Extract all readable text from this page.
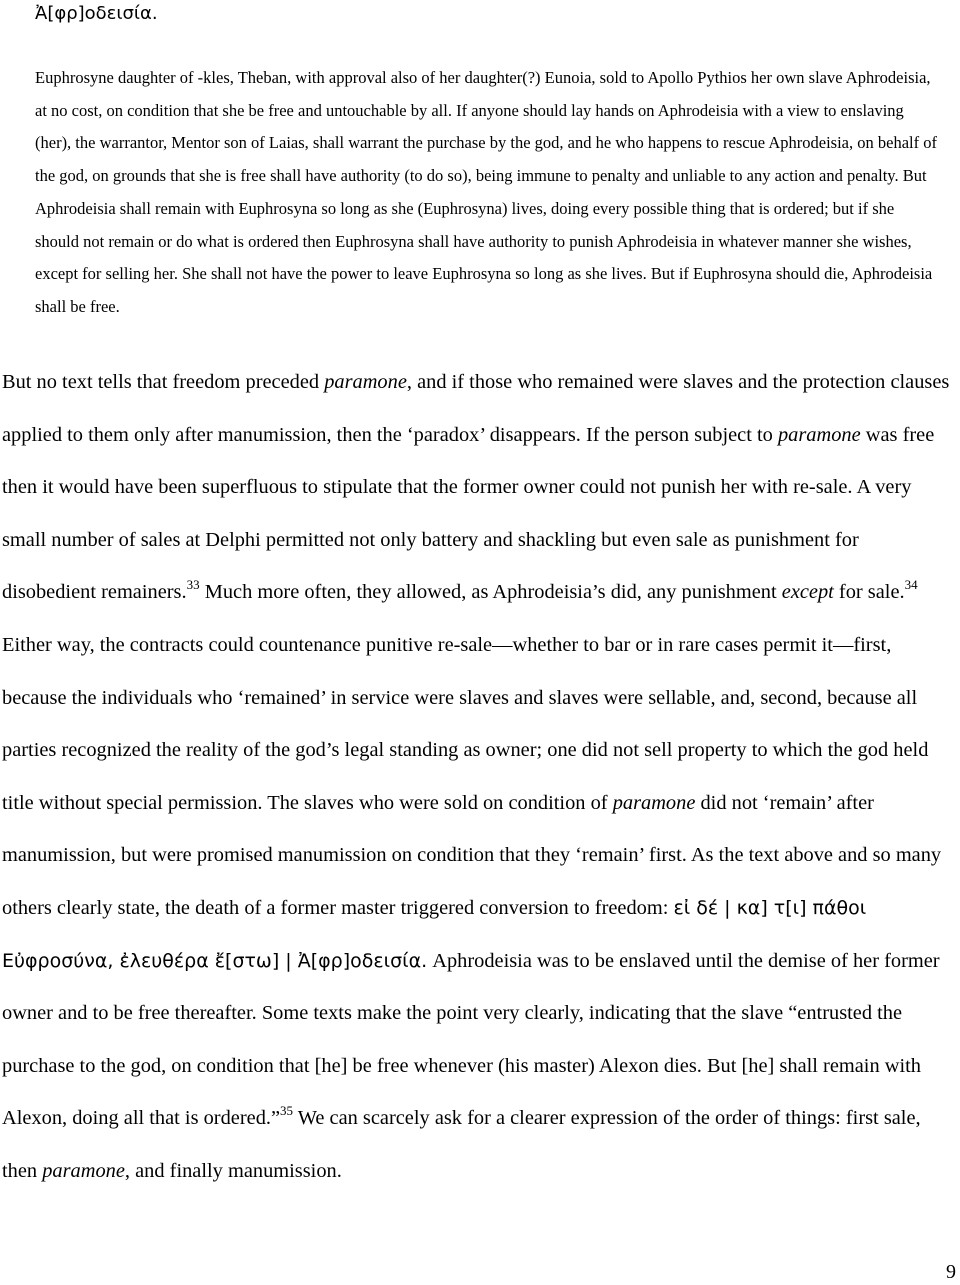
Ἀ[φρ]οδεισία.

Euphrosyne daughter of -kles, Theban, with approval also of her daughter(?) Eunoia, sold to Apollo Pythios her own slave Aphrodeisia, at no cost, on condition that she be free and untouchable by all. If anyone should lay hands on Aphrodeisia with a view to enslaving (her), the warrantor, Mentor son of Laias, shall warrant the purchase by the god, and he who happens to rescue Aphrodeisia, on behalf of the god, on grounds that she is free shall have authority (to do so), being immune to penalty and unliable to any action and penalty. But Aphrodeisia shall remain with Euphrosyna so long as she (Euphrosyna) lives, doing every possible thing that is ordered; but if she should not remain or do what is ordered then Euphrosyna shall have authority to punish Aphrodeisia in whatever manner she wishes, except for selling her. She shall not have the power to leave Euphrosyna so long as she lives. But if Euphrosyna should die, Aphrodeisia shall be free.

But no text tells that freedom preceded paramone, and if those who remained were slaves and the protection clauses applied to them only after manumission, then the ‘paradox’ disappears. If the person subject to paramone was free then it would have been superfluous to stipulate that the former owner could not punish her with re-sale. A very small number of sales at Delphi permitted not only battery and shackling but even sale as punishment for disobedient remainers.$^{33}$ Much more often, they allowed, as Aphrodeisia’s did, any punishment except for sale.$^{34}$ Either way, the contracts could countenance punitive re-sale—whether to bar or in rare cases permit it—first, because the individuals who ‘remained’ in service were slaves and slaves were sellable, and, second, because all parties recognized the reality of the god’s legal standing as owner; one did not sell property to which the god held title without special permission. The slaves who were sold on condition of paramone did not ‘remain’ after manumission, but were promised manumission on condition that they ‘remain’ first. As the text above and so many others clearly state, the death of a former master triggered conversion to freedom: εἰ δέ | κα] τ[ι] πάθοι Εὐφροσύνα, ἐλευθέρα ἔ[στω] | Ἀ[φρ]οδεισία. Aphrodeisia was to be enslaved until the demise of her former owner and to be free thereafter. Some texts make the point very clearly, indicating that the slave “entrusted the purchase to the god, on condition that [he] be free whenever (his master) Alexon dies. But [he] shall remain with Alexon, doing all that is ordered.”$^{35}$ We can scarcely ask for a clearer expression of the order of things: first sale, then paramone, and finally manumission.

9
